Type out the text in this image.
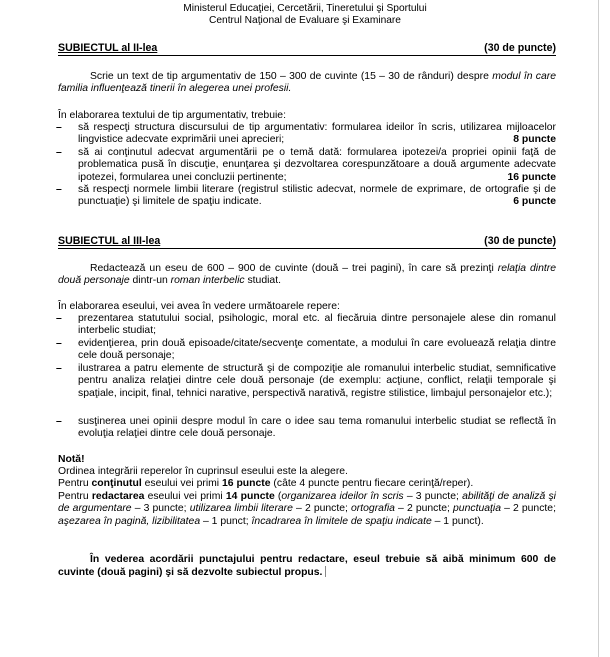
Ministerul Educaţiei, Cercetării, Tineretului şi Sportului
Centrul Naţional de Evaluare şi Examinare
SUBIECTUL al II-lea	(30 de puncte)
Scrie un text de tip argumentativ de 150 – 300 de cuvinte (15 – 30 de rânduri) despre modul în care familia influenţează tinerii în alegerea unei profesii.
În elaborarea textului de tip argumentativ, trebuie:
– să respecţi structura discursului de tip argumentativ: formularea ideilor în scris, utilizarea mijloacelor lingvistice adecvate exprimării unei aprecieri;	8 puncte
– să ai conţinutul adecvat argumentării pe o temă dată: formularea ipotezei/a propriei opinii faţă de problematica pusă în discuţie, enunţarea şi dezvoltarea corespunzătoare a două argumente adecvate ipotezei, formularea unei concluzii pertinente;	16 puncte
– să respecţi normele limbii literare (registrul stilistic adecvat, normele de exprimare, de ortografie şi de punctuaţie) şi limitele de spaţiu indicate.	6 puncte
SUBIECTUL al III-lea	(30 de puncte)
Redactează un eseu de 600 – 900 de cuvinte (două – trei pagini), în care să prezinţi relaţia dintre două personaje dintr-un roman interbelic studiat.
În elaborarea eseului, vei avea în vedere următoarele repere:
– prezentarea statutului social, psihologic, moral etc. al fiecăruia dintre personajele alese din romanul interbelic studiat;
– evidenţierea, prin două episoade/citate/secvenţe comentate, a modului în care evoluează relaţia dintre cele două personaje;
– ilustrarea a patru elemente de structură şi de compoziţie ale romanului interbelic studiat, semnificative pentru analiza relaţiei dintre cele două personaje (de exemplu: acţiune, conflict, relaţii temporale şi spaţiale, incipit, final, tehnici narative, perspectivă narativă, registre stilistice, limbajul personajelor etc.);
– susţinerea unei opinii despre modul în care o idee sau tema romanului interbelic studiat se reflectă în evoluţia relaţiei dintre cele două personaje.
Notă!
Ordinea integrării reperelor în cuprinsul eseului este la alegere.
Pentru conţinutul eseului vei primi 16 puncte (câte 4 puncte pentru fiecare cerinţă/reper).
Pentru redactarea eseului vei primi 14 puncte (organizarea ideilor în scris – 3 puncte; abilităţi de analiză şi de argumentare – 3 puncte; utilizarea limbii literare – 2 puncte; ortografia – 2 puncte; punctuaţia – 2 puncte; aşezarea în pagină, lizibilitatea – 1 punct; încadrarea în limitele de spaţiu indicate – 1 punct).
În vederea acordării punctajului pentru redactare, eseul trebuie să aibă minimum 600 de cuvinte (două pagini) şi să dezvolte subiectul propus.
